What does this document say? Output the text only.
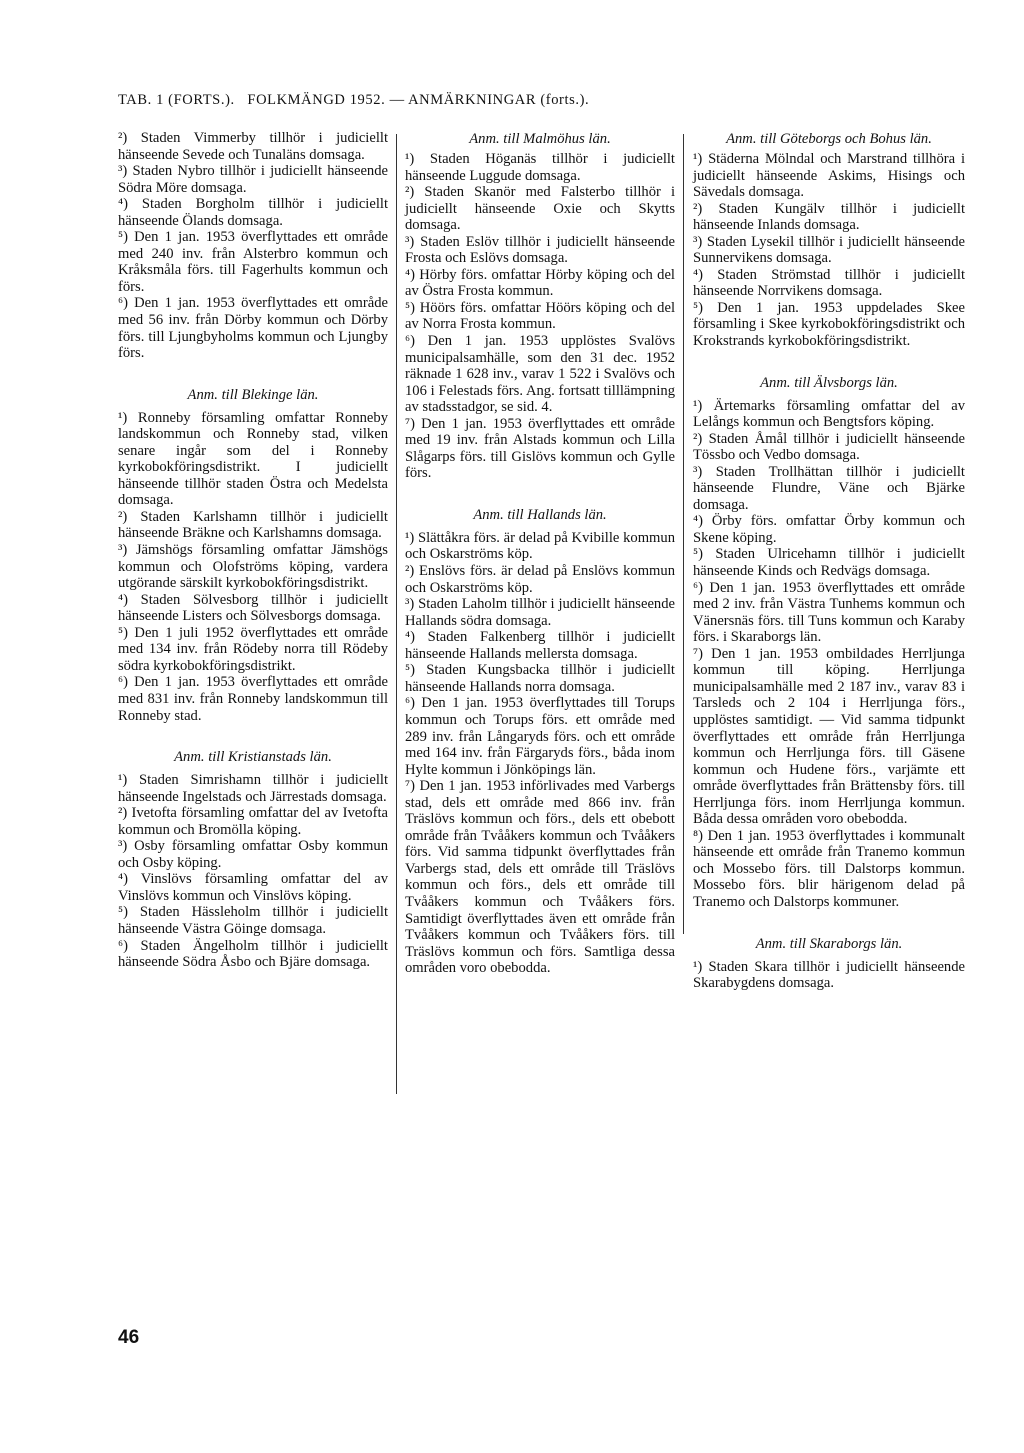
TAB. 1 (FORTS.). FOLKMÄNGD 1952. — ANMÄRKNINGAR (forts.).

²) Staden Vimmerby tillhör i judiciellt hänseende Sevede och Tunaläns domsaga.

³) Staden Nybro tillhör i judiciellt hänseende Södra Möre domsaga.

⁴) Staden Borgholm tillhör i judiciellt hänseende Ölands domsaga.

⁵) Den 1 jan. 1953 överflyttades ett område med 240 inv. från Alsterbro kommun och Kråksmåla förs. till Fagerhults kommun och förs.

⁶) Den 1 jan. 1953 överflyttades ett område med 56 inv. från Dörby kommun och Dörby förs. till Ljungbyholms kommun och Ljungby förs.

Anm. till Blekinge län.

¹) Ronneby församling omfattar Ronneby landskommun och Ronneby stad, vilken senare ingår som del i Ronneby kyrkobokföringsdistrikt. I judiciellt hänseende tillhör staden Östra och Medelsta domsaga.

²) Staden Karlshamn tillhör i judiciellt hänseende Bräkne och Karlshamns domsaga.

³) Jämshögs församling omfattar Jämshögs kommun och Olofströms köping, vardera utgörande särskilt kyrkobokföringsdistrikt.

⁴) Staden Sölvesborg tillhör i judiciellt hänseende Listers och Sölvesborgs domsaga.

⁵) Den 1 juli 1952 överflyttades ett område med 134 inv. från Rödeby norra till Rödeby södra kyrkobokföringsdistrikt.

⁶) Den 1 jan. 1953 överflyttades ett område med 831 inv. från Ronneby landskommun till Ronneby stad.

Anm. till Kristianstads län.

¹) Staden Simrishamn tillhör i judiciellt hänseende Ingelstads och Järrestads domsaga.

²) Ivetofta församling omfattar del av Ivetofta kommun och Bromölla köping.

³) Osby församling omfattar Osby kommun och Osby köping.

⁴) Vinslövs församling omfattar del av Vinslövs kommun och Vinslövs köping.

⁵) Staden Hässleholm tillhör i judiciellt hänseende Västra Göinge domsaga.

⁶) Staden Ängelholm tillhör i judiciellt hänseende Södra Åsbo och Bjäre domsaga.

Anm. till Malmöhus län.

¹) Staden Höganäs tillhör i judiciellt hänseende Luggude domsaga.

²) Staden Skanör med Falsterbo tillhör i judiciellt hänseende Oxie och Skytts domsaga.

³) Staden Eslöv tillhör i judiciellt hänseende Frosta och Eslövs domsaga.

⁴) Hörby förs. omfattar Hörby köping och del av Östra Frosta kommun.

⁵) Höörs förs. omfattar Höörs köping och del av Norra Frosta kommun.

⁶) Den 1 jan. 1953 upplöstes Svalövs municipalsamhälle, som den 31 dec. 1952 räknade 1 628 inv., varav 1 522 i Svalövs och 106 i Felestads förs. Ang. fortsatt tilllämpning av stadsstadgor, se sid. 4.

⁷) Den 1 jan. 1953 överflyttades ett område med 19 inv. från Alstads kommun och Lilla Slågarps förs. till Gislövs kommun och Gylle förs.

Anm. till Hallands län.

¹) Slättåkra förs. är delad på Kvibille kommun och Oskarströms köp.

²) Enslövs förs. är delad på Enslövs kommun och Oskarströms köp.

³) Staden Laholm tillhör i judiciellt hänseende Hallands södra domsaga.

⁴) Staden Falkenberg tillhör i judiciellt hänseende Hallands mellersta domsaga.

⁵) Staden Kungsbacka tillhör i judiciellt hänseende Hallands norra domsaga.

⁶) Den 1 jan. 1953 överflyttades till Torups kommun och Torups förs. ett område med 289 inv. från Långaryds förs. och ett område med 164 inv. från Färgaryds förs., båda inom Hylte kommun i Jönköpings län.

⁷) Den 1 jan. 1953 införlivades med Varbergs stad, dels ett område med 866 inv. från Träslövs kommun och förs., dels ett obebott område från Tvååkers kommun och Tvååkers förs. Vid samma tidpunkt överflyttades från Varbergs stad, dels ett område till Träslövs kommun och förs., dels ett område till Tvååkers kommun och Tvååkers förs. Samtidigt överflyttades även ett område från Tvååkers kommun och Tvååkers förs. till Träslövs kommun och förs. Samtliga dessa områden voro obebodda.

Anm. till Göteborgs och Bohus län.

¹) Städerna Mölndal och Marstrand tillhöra i judiciellt hänseende Askims, Hisings och Sävedals domsaga.

²) Staden Kungälv tillhör i judiciellt hänseende Inlands domsaga.

³) Staden Lysekil tillhör i judiciellt hänseende Sunnervikens domsaga.

⁴) Staden Strömstad tillhör i judiciellt hänseende Norrvikens domsaga.

⁵) Den 1 jan. 1953 uppdelades Skee församling i Skee kyrkobokföringsdistrikt och Krokstrands kyrkobokföringsdistrikt.

Anm. till Älvsborgs län.

¹) Ärtemarks församling omfattar del av Lelångs kommun och Bengtsfors köping.

²) Staden Åmål tillhör i judiciellt hänseende Tössbo och Vedbo domsaga.

³) Staden Trollhättan tillhör i judiciellt hänseende Flundre, Väne och Bjärke domsaga.

⁴) Örby förs. omfattar Örby kommun och Skene köping.

⁵) Staden Ulricehamn tillhör i judiciellt hänseende Kinds och Redvägs domsaga.

⁶) Den 1 jan. 1953 överflyttades ett område med 2 inv. från Västra Tunhems kommun och Vänersnäs förs. till Tuns kommun och Karaby förs. i Skaraborgs län.

⁷) Den 1 jan. 1953 ombildades Herrljunga kommun till köping. Herrljunga municipalsamhälle med 2 187 inv., varav 83 i Tarsleds och 2 104 i Herrljunga förs., upplöstes samtidigt. — Vid samma tidpunkt överflyttades ett område från Herrljunga kommun och Herrljunga förs. till Gäsene kommun och Hudene förs., varjämte ett område överflyttades från Brättensby förs. till Herrljunga förs. inom Herrljunga kommun. Båda dessa områden voro obebodda.

⁸) Den 1 jan. 1953 överflyttades i kommunalt hänseende ett område från Tranemo kommun och Mossebo förs. till Dalstorps kommun. Mossebo förs. blir härigenom delad på Tranemo och Dalstorps kommuner.

Anm. till Skaraborgs län.

¹) Staden Skara tillhör i judiciellt hänseende Skarabygdens domsaga.

46
